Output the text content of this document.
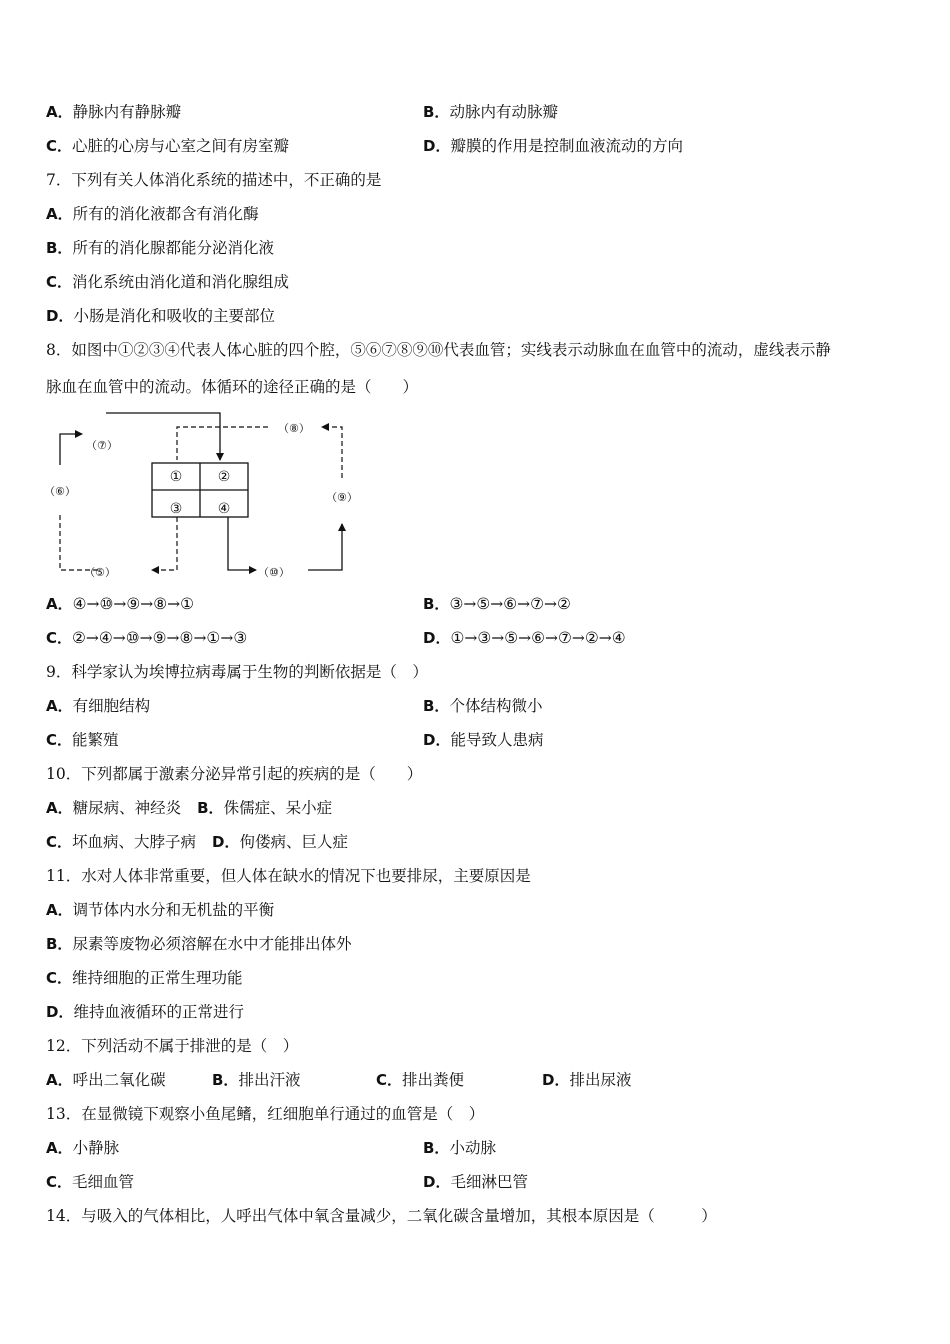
A．静脉内有静脉瓣	B．动脉内有动脉瓣
C．心脏的心房与心室之间有房室瓣	D．瓣膜的作用是控制血液流动的方向
7．下列有关人体消化系统的描述中，不正确的是
A．所有的消化液都含有消化酶
B．所有的消化腺都能分泌消化液
C．消化系统由消化道和消化腺组成
D．小肠是消化和吸收的主要部位
8．如图中①②③④代表人体心脏的四个腔，⑤⑥⑦⑧⑨⑩代表血管；实线表示动脉血在血管中的流动，虚线表示静
脉血在血管中的流动。体循环的途径正确的是（　　）
①	②
③	④
（⑤）
（⑥）
（⑦）
（⑧）
（⑨）
（⑩）
A．④→⑩→⑨→⑧→①	B．③→⑤→⑥→⑦→②
C．②→④→⑩→⑨→⑧→①→③	D．①→③→⑤→⑥→⑦→②→④
9．科学家认为埃博拉病毒属于生物的判断依据是（　）
A．有细胞结构	B．个体结构微小
C．能繁殖	D．能导致人患病
10．下列都属于激素分泌异常引起的疾病的是（　　）
A．糖尿病、神经炎 B．侏儒症、呆小症
C．坏血病、大脖子病 D．佝偻病、巨人症
11．水对人体非常重要，但人体在缺水的情况下也要排尿，主要原因是
A．调节体内水分和无机盐的平衡
B．尿素等废物必须溶解在水中才能排出体外
C．维持细胞的正常生理功能
D．维持血液循环的正常进行
12．下列活动不属于排泄的是（　）
A．呼出二氧化碳	B．排出汗液	C．排出粪便	D．排出尿液
13．在显微镜下观察小鱼尾鳍，红细胞单行通过的血管是（　）
A．小静脉	B．小动脉
C．毛细血管	D．毛细淋巴管
14．与吸入的气体相比，人呼出气体中氧含量减少，二氧化碳含量增加，其根本原因是（　　　）
